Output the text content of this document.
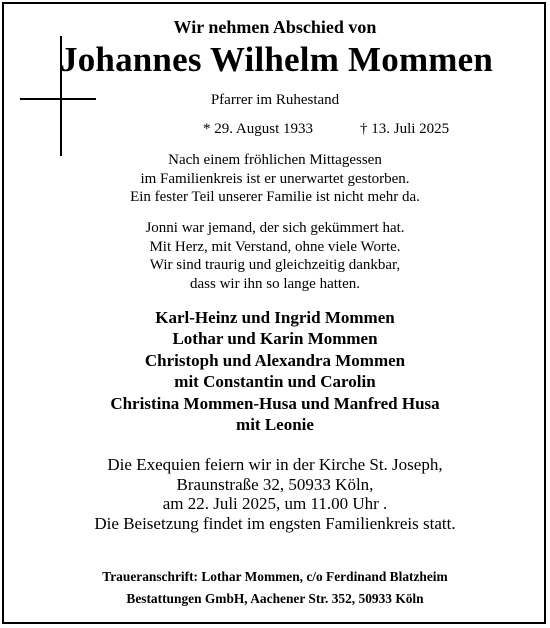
Wir nehmen Abschied von
Johannes Wilhelm Mommen
Pfarrer im Ruhestand
* 29. August 1933	† 13. Juli 2025
Nach einem fröhlichen Mittagessen
im Familienkreis ist er unerwartet gestorben.
Ein fester Teil unserer Familie ist nicht mehr da.
Jonni war jemand, der sich gekümmert hat.
Mit Herz, mit Verstand, ohne viele Worte.
Wir sind traurig und gleichzeitig dankbar,
dass wir ihn so lange hatten.
Karl-Heinz und Ingrid Mommen
Lothar und Karin Mommen
Christoph und Alexandra Mommen
mit Constantin und Carolin
Christina Mommen-Husa und Manfred Husa
mit Leonie
Die Exequien feiern wir in der Kirche St. Joseph,
Braunstraße 32, 50933 Köln,
am 22. Juli 2025, um 11.00 Uhr .
Die Beisetzung findet im engsten Familienkreis statt.
Traueranschrift: Lothar Mommen, c/o Ferdinand Blatzheim
Bestattungen GmbH, Aachener Str. 352, 50933 Köln
